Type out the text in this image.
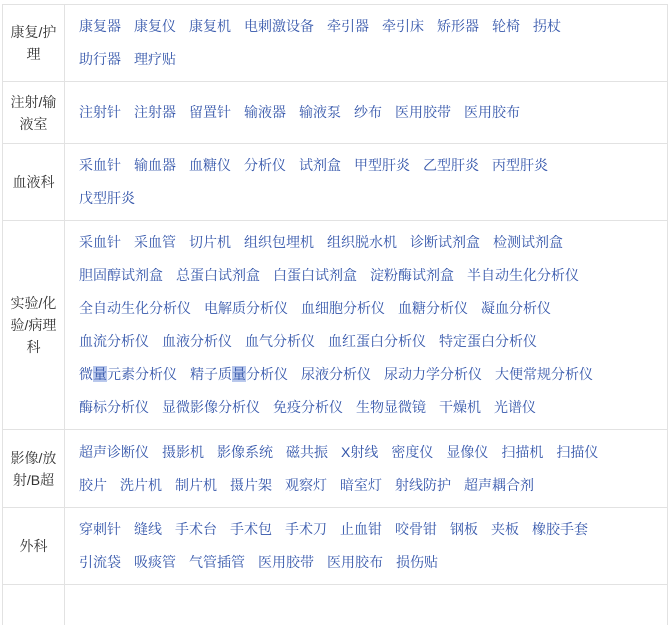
康复/护理
康复器 康复仪 康复机 电刺激设备 牵引器 牵引床 矫形器 轮椅 拐杖
助行器 理疗贴
注射/输液室
注射针 注射器 留置针 输液器 输液泵 纱布 医用胶带 医用胶布
血液科
采血针 输血器 血糖仪 分析仪 试剂盒 甲型肝炎 乙型肝炎 丙型肝炎
戊型肝炎
实验/化验/病理科
采血针 采血管 切片机 组织包埋机 组织脱水机 诊断试剂盒 检测试剂盒
胆固醇试剂盒 总蛋白试剂盒 白蛋白试剂盒 淀粉酶试剂盒 半自动生化分析仪
全自动生化分析仪 电解质分析仪 血细胞分析仪 血糖分析仪 凝血分析仪
血流分析仪 血液分析仪 血气分析仪 血红蛋白分析仪 特定蛋白分析仪
微量元素分析仪 精子质量分析仪 尿液分析仪 尿动力学分析仪 大便常规分析仪
酶标分析仪 显微影像分析仪 免疫分析仪 生物显微镜 干燥机 光谱仪
影像/放射/B超
超声诊断仪 摄影机 影像系统 磁共振 X射线 密度仪 显像仪 扫描机 扫描仪
胶片 洗片机 制片机 摄片架 观察灯 暗室灯 射线防护 超声耦合剂
外科
穿刺针 缝线 手术台 手术包 手术刀 止血钳 咬骨钳 钢板 夹板 橡胶手套
引流袋 吸痰管 气管插管 医用胶带 医用胶布 损伤贴
